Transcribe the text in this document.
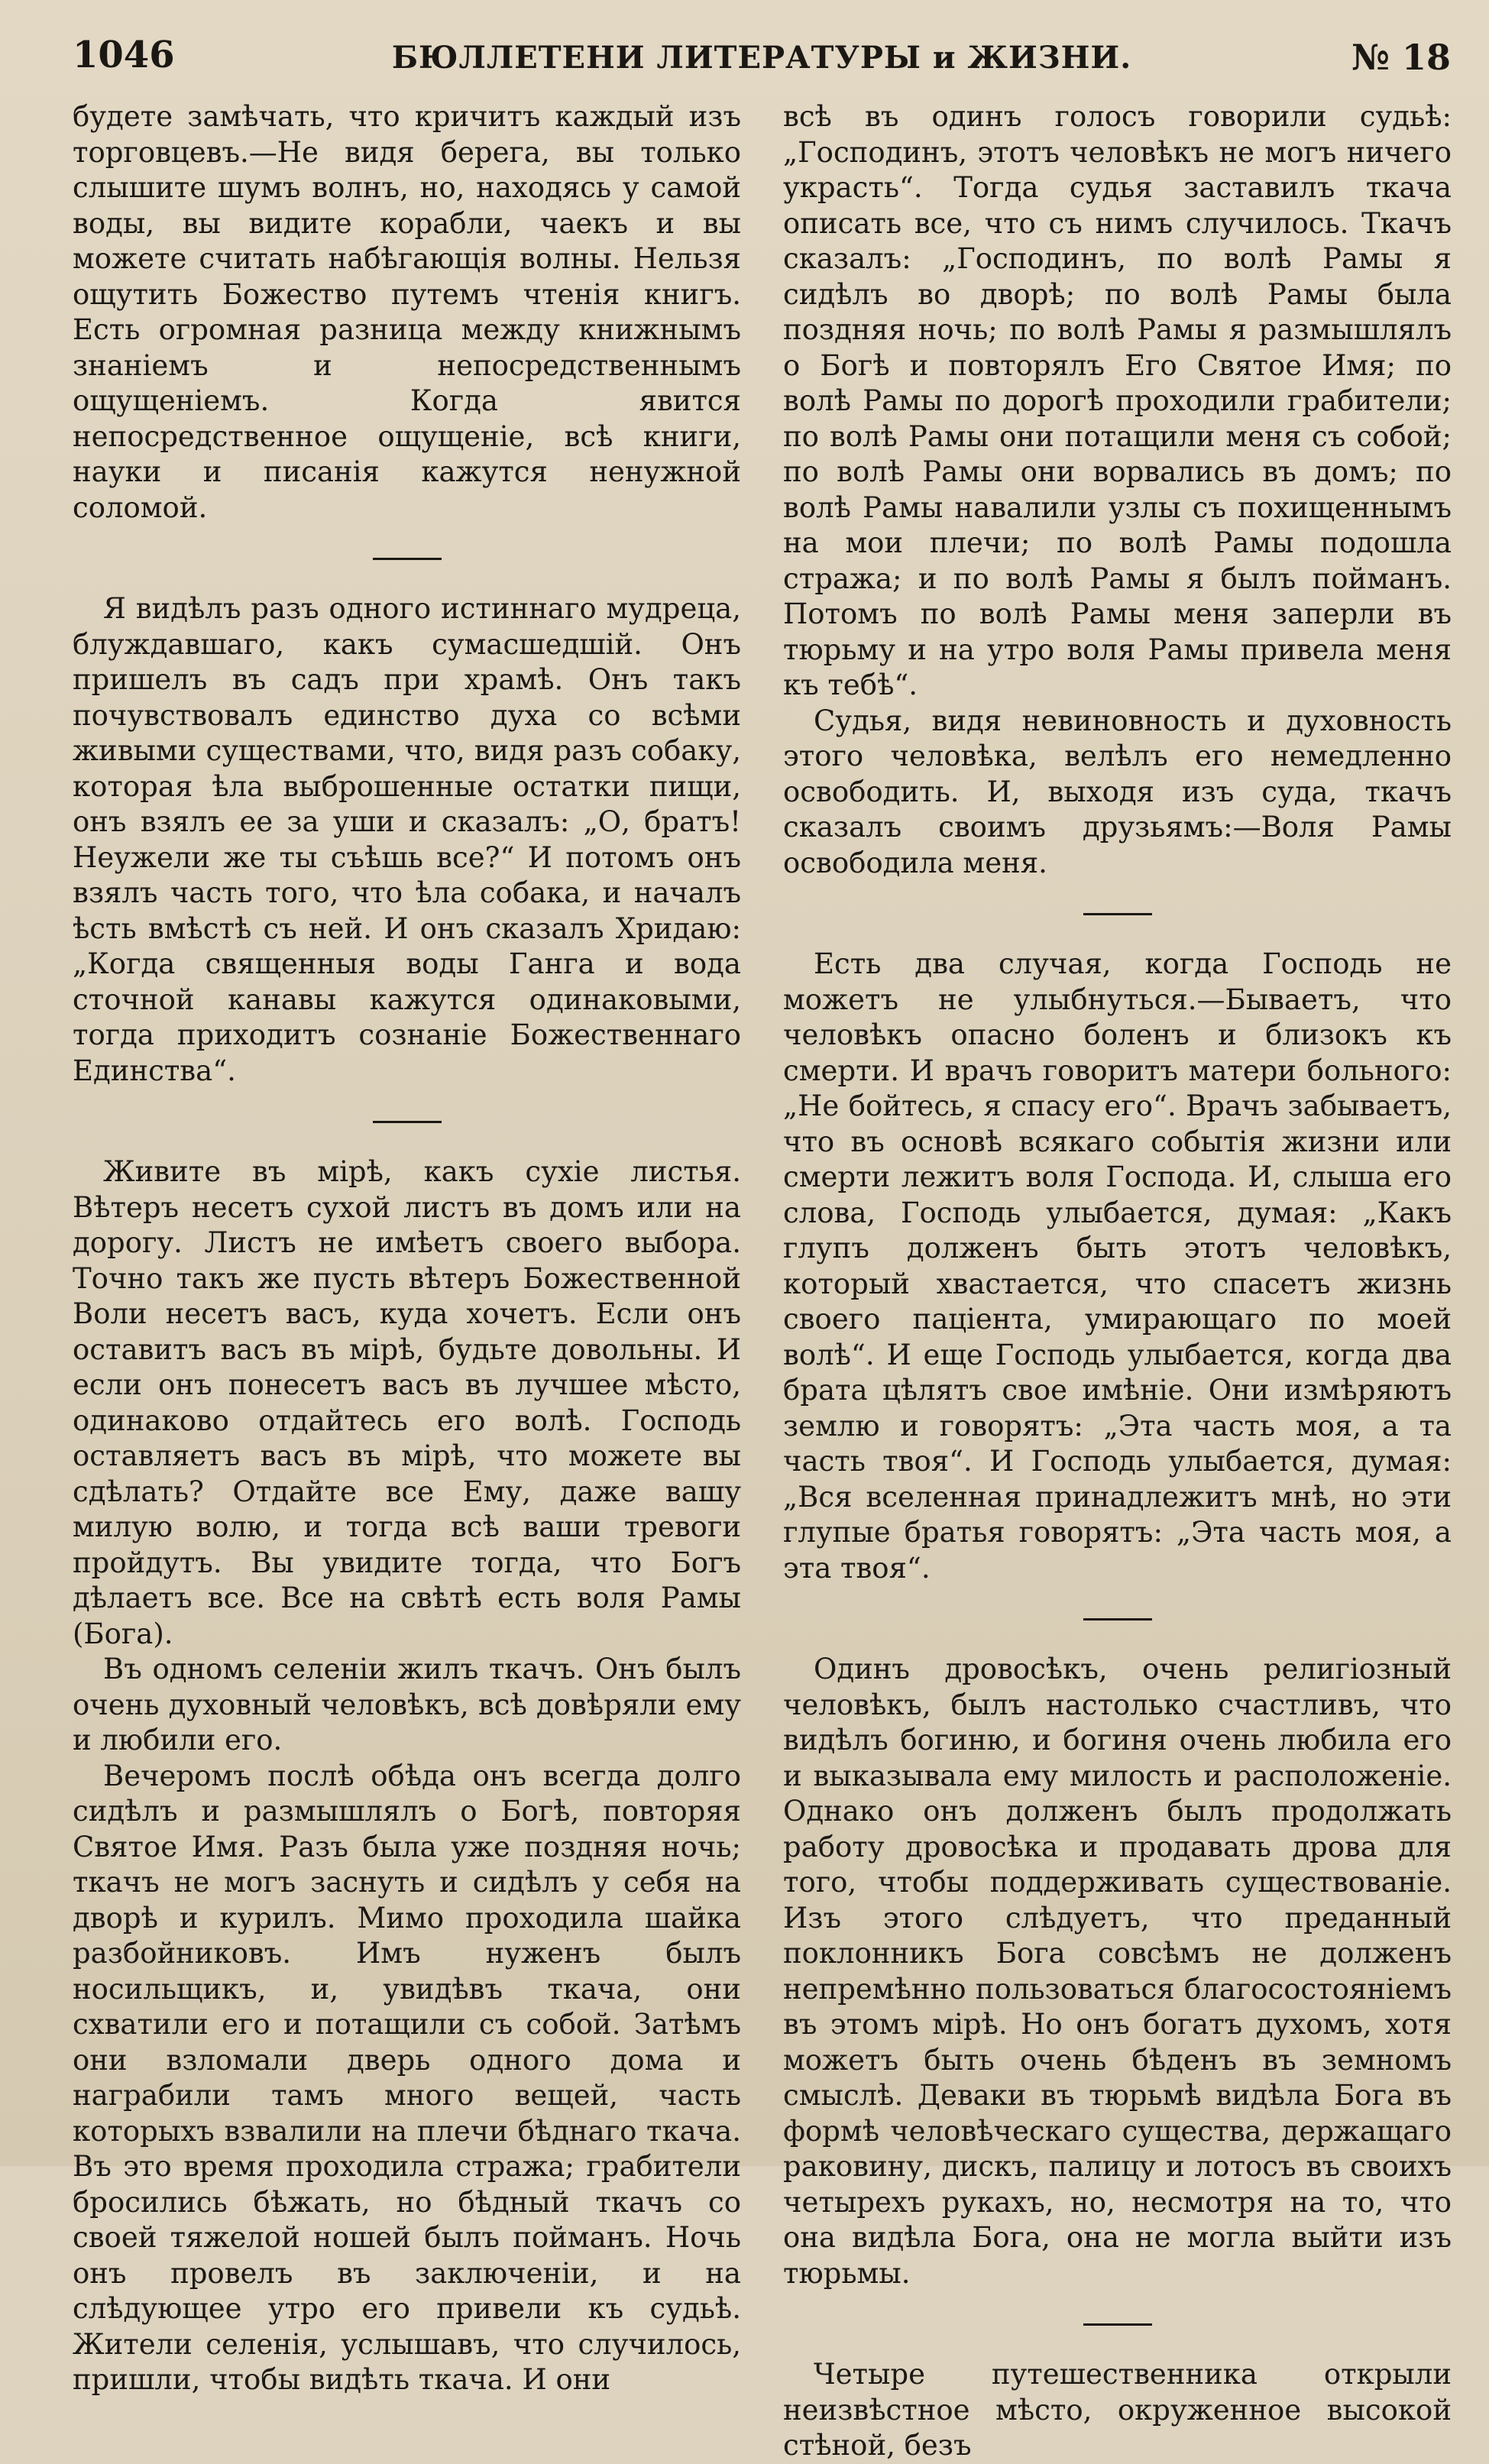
1046	БЮЛЛЕТЕНИ ЛИТЕРАТУРЫ и ЖИЗНИ.	№ 18

будете замѣчать, что кричитъ каждый изъ торговцевъ.—Не видя берега, вы только слышите шумъ волнъ, но, находясь у самой воды, вы видите корабли, чаекъ и вы можете считать набѣгающія волны. Нельзя ощутить Божество путемъ чтенія книгъ. Есть огромная разница между книжнымъ знаніемъ и непосредственнымъ ощущеніемъ. Когда явится непосредственное ощущеніе, всѣ книги, науки и писанія кажутся ненужной соломой.

Я видѣлъ разъ одного истиннаго мудреца, блуждавшаго, какъ сумасшедшій. Онъ пришелъ въ садъ при храмѣ. Онъ такъ почувствовалъ единство духа со всѣми живыми существами, что, видя разъ собаку, которая ѣла выброшенные остатки пищи, онъ взялъ ее за уши и сказалъ: „О, братъ! Неужели же ты съѣшь все?“ И потомъ онъ взялъ часть того, что ѣла собака, и началъ ѣсть вмѣстѣ съ ней. И онъ сказалъ Хридаю: „Когда священныя воды Ганга и вода сточной канавы кажутся одинаковыми, тогда приходитъ сознаніе Божественнаго Единства“.

Живите въ мірѣ, какъ сухіе листья. Вѣтеръ несетъ сухой листъ въ домъ или на дорогу. Листъ не имѣетъ своего выбора. Точно такъ же пусть вѣтеръ Божественной Воли несетъ васъ, куда хочетъ. Если онъ оставитъ васъ въ мірѣ, будьте довольны. И если онъ понесетъ васъ въ лучшее мѣсто, одинаково отдайтесь его волѣ. Господь оставляетъ васъ въ мірѣ, что можете вы сдѣлать? Отдайте все Ему, даже вашу милую волю, и тогда всѣ ваши тревоги пройдутъ. Вы увидите тогда, что Богъ дѣлаетъ все. Все на свѣтѣ есть воля Рамы (Бога).

Въ одномъ селеніи жилъ ткачъ. Онъ былъ очень духовный человѣкъ, всѣ довѣряли ему и любили его.

Вечеромъ послѣ обѣда онъ всегда долго сидѣлъ и размышлялъ о Богѣ, повторяя Святое Имя. Разъ была уже поздняя ночь; ткачъ не могъ заснуть и сидѣлъ у себя на дворѣ и курилъ. Мимо проходила шайка разбойниковъ. Имъ нуженъ былъ носильщикъ, и, увидѣвъ ткача, они схватили его и потащили съ собой. Затѣмъ они взломали дверь одного дома и награбили тамъ много вещей, часть которыхъ взвалили на плечи бѣднаго ткача. Въ это время проходила стража; грабители бросились бѣжать, но бѣдный ткачъ со своей тяжелой ношей былъ пойманъ. Ночь онъ провелъ въ заключеніи, и на слѣдующее утро его привели къ судьѣ. Жители селенія, услышавъ, что случилось, пришли, чтобы видѣть ткача. И они

всѣ въ одинъ голосъ говорили судьѣ: „Господинъ, этотъ человѣкъ не могъ ничего украсть“. Тогда судья заставилъ ткача описать все, что съ нимъ случилось. Ткачъ сказалъ: „Господинъ, по волѣ Рамы я сидѣлъ во дворѣ; по волѣ Рамы была поздняя ночь; по волѣ Рамы я размышлялъ о Богѣ и повторялъ Его Святое Имя; по волѣ Рамы по дорогѣ проходили грабители; по волѣ Рамы они потащили меня съ собой; по волѣ Рамы они ворвались въ домъ; по волѣ Рамы навалили узлы съ похищеннымъ на мои плечи; по волѣ Рамы подошла стража; и по волѣ Рамы я былъ пойманъ. Потомъ по волѣ Рамы меня заперли въ тюрьму и на утро воля Рамы привела меня къ тебѣ“.

Судья, видя невиновность и духовность этого человѣка, велѣлъ его немедленно освободить. И, выходя изъ суда, ткачъ сказалъ своимъ друзьямъ:—Воля Рамы освободила меня.

Есть два случая, когда Господь не можетъ не улыбнуться.—Бываетъ, что человѣкъ опасно боленъ и близокъ къ смерти. И врачъ говоритъ матери больного: „Не бойтесь, я спасу его“. Врачъ забываетъ, что въ основѣ всякаго событія жизни или смерти лежитъ воля Господа. И, слыша его слова, Господь улыбается, думая: „Какъ глупъ долженъ быть этотъ человѣкъ, который хвастается, что спасетъ жизнь своего паціента, умирающаго по моей волѣ“. И еще Господь улыбается, когда два брата цѣлятъ свое имѣніе. Они измѣряютъ землю и говорятъ: „Эта часть моя, а та часть твоя“. И Господь улыбается, думая: „Вся вселенная принадлежитъ мнѣ, но эти глупые братья говорятъ: „Эта часть моя, а эта твоя“.

Одинъ дровосѣкъ, очень религіозный человѣкъ, былъ настолько счастливъ, что видѣлъ богиню, и богиня очень любила его и выказывала ему милость и расположеніе. Однако онъ долженъ былъ продолжать работу дровосѣка и продавать дрова для того, чтобы поддерживать существованіе. Изъ этого слѣдуетъ, что преданный поклонникъ Бога совсѣмъ не долженъ непремѣнно пользоваться благосостояніемъ въ этомъ мірѣ. Но онъ богатъ духомъ, хотя можетъ быть очень бѣденъ въ земномъ смыслѣ. Деваки въ тюрьмѣ видѣла Бога въ формѣ человѣческаго существа, держащаго раковину, дискъ, палицу и лотосъ въ своихъ четырехъ рукахъ, но, несмотря на то, что она видѣла Бога, она не могла выйти изъ тюрьмы.

Четыре путешественника открыли неизвѣстное мѣсто, окруженное высокой стѣной, безъ
